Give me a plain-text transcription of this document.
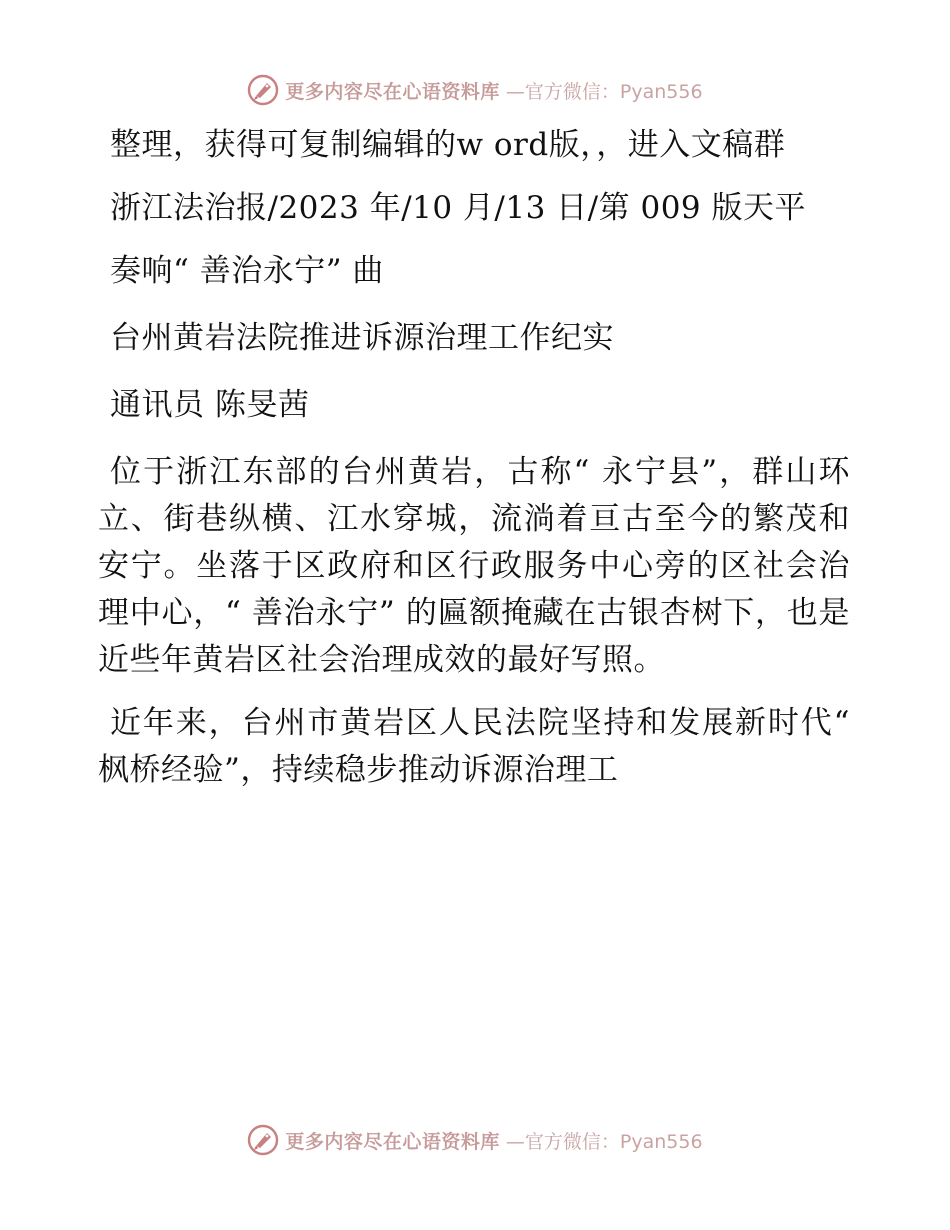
更多内容尽在心语资料库 —官方微信：Pyan556

整理，获得可复制编辑的w ord版，，进入文稿群

浙江法治报/2023 年/10 月/13 日/第 009 版天平

奏响“ 善治永宁” 曲

台州黄岩法院推进诉源治理工作纪实

通讯员 陈旻茜

位于浙江东部的台州黄岩，古称“ 永宁县”，群山环立、街巷纵横、江水穿城，流淌着亘古至今的繁茂和安宁。坐落于区政府和区行政服务中心旁的区社会治理中心，“ 善治永宁” 的匾额掩藏在古银杏树下，也是近些年黄岩区社会治理成效的最好写照。

近年来，台州市黄岩区人民法院坚持和发展新时代“ 枫桥经验”，持续稳步推动诉源治理工

更多内容尽在心语资料库 —官方微信：Pyan556
